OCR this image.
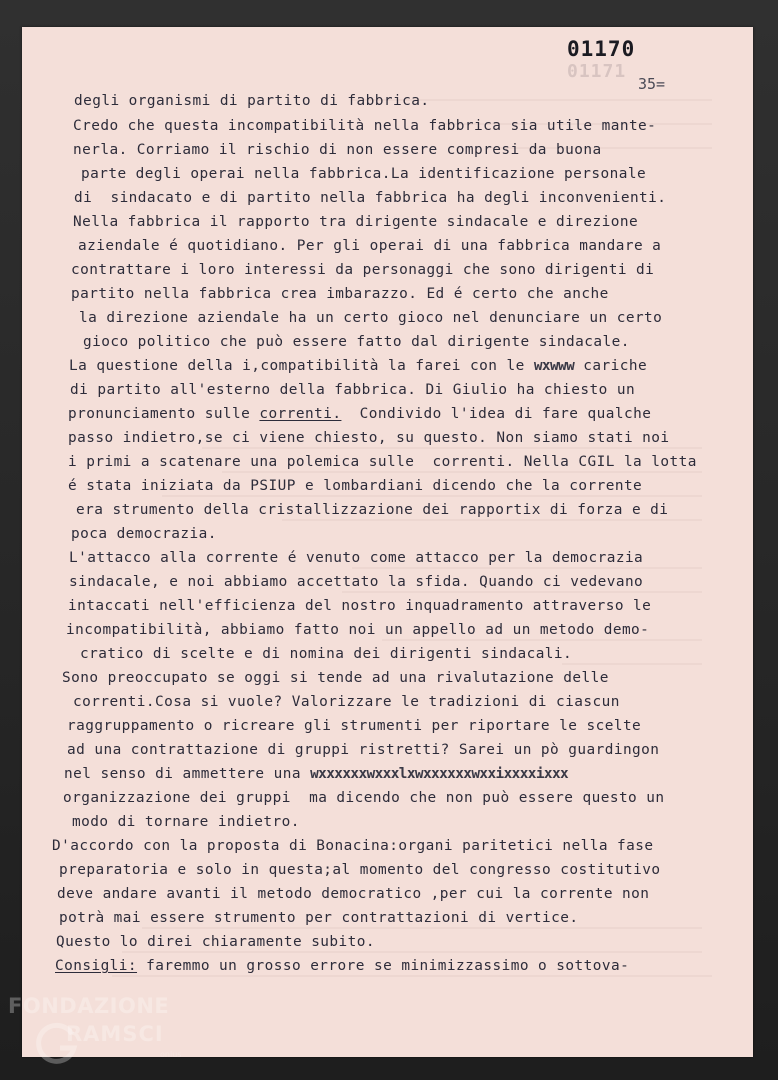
01170
01171
35=
degli organismi di partito di fabbrica.
Credo che questa incompatibilità nella fabbrica sia utile mante-
nerla. Corriamo il rischio di non essere compresi da buona
parte degli operai nella fabbrica.La identificazione personale
di  sindacato e di partito nella fabbrica ha degli inconvenienti.
Nella fabbrica il rapporto tra dirigente sindacale e direzione
aziendale é quotidiano. Per gli operai di una fabbrica mandare a
contrattare i loro interessi da personaggi che sono dirigenti di
partito nella fabbrica crea imbarazzo. Ed é certo che anche
la direzione aziendale ha un certo gioco nel denunciare un certo
gioco politico che può essere fatto dal dirigente sindacale.
La questione della i,compatibilità la farei con le wxwww cariche
di partito all'esterno della fabbrica. Di Giulio ha chiesto un
pronunciamento sulle correnti.  Condivido l'idea di fare qualche
passo indietro,se ci viene chiesto, su questo. Non siamo stati noi
i primi a scatenare una polemica sulle  correnti. Nella CGIL la lotta
é stata iniziata da PSIUP e lombardiani dicendo che la corrente
era strumento della cristallizzazione dei rapportix di forza e di
poca democrazia.
L'attacco alla corrente é venuto come attacco per la democrazia
sindacale, e noi abbiamo accettato la sfida. Quando ci vedevano
intaccati nell'efficienza del nostro inquadramento attraverso le
incompatibilità, abbiamo fatto noi un appello ad un metodo demo-
cratico di scelte e di nomina dei dirigenti sindacali.
Sono preoccupato se oggi si tende ad una rivalutazione delle
correnti.Cosa si vuole? Valorizzare le tradizioni di ciascun
raggruppamento o ricreare gli strumenti per riportare le scelte
ad una contrattazione di gruppi ristretti? Sarei un pò guardingon
nel senso di ammettere una wxxxxxxwxxxlxwxxxxxxwxxixxxxixxx
organizzazione dei gruppi  ma dicendo che non può essere questo un
modo di tornare indietro.
D'accordo con la proposta di Bonacina:organi paritetici nella fase
preparatoria e solo in questa;al momento del congresso costitutivo
deve andare avanti il metodo democratico ,per cui la corrente non
potrà mai essere strumento per contrattazioni di vertice.
Questo lo direi chiaramente subito.
Consigli: faremmo un grosso errore se minimizzassimo o sottova-
FONDAZIONE
RAMSCI
onlus
